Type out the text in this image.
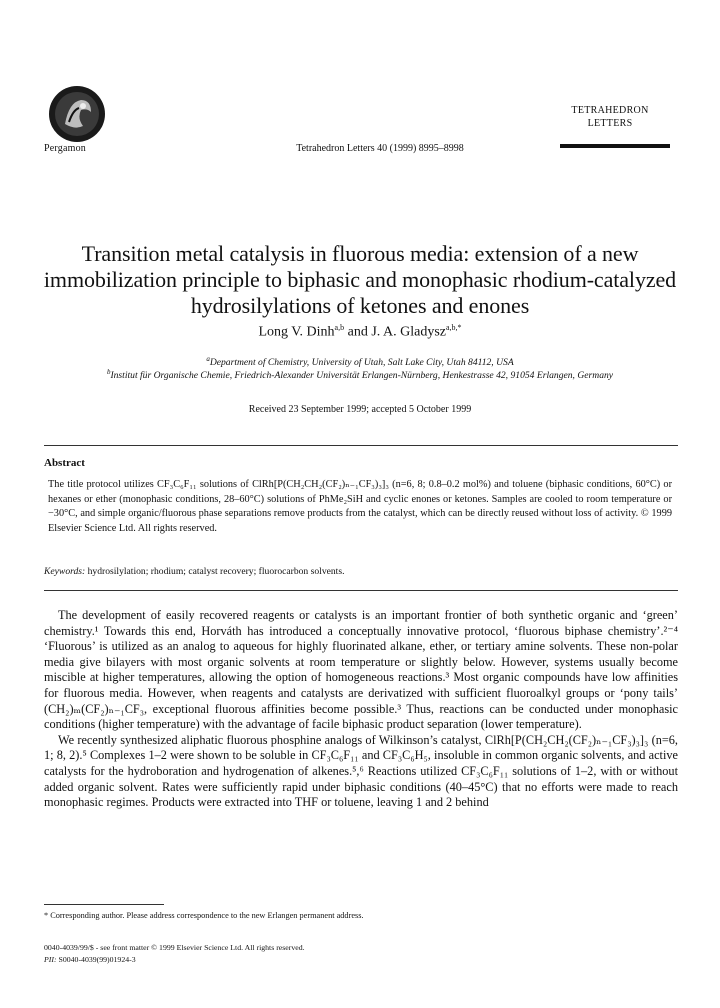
Pergamon	Tetrahedron Letters 40 (1999) 8995–8998
TETRAHEDRON
LETTERS
Transition metal catalysis in fluorous media: extension of a new immobilization principle to biphasic and monophasic rhodium-catalyzed hydrosilylations of ketones and enones
Long V. Dinh$^{a,b}$ and J. A. Gladysz$^{a,b,*}$
$^a$Department of Chemistry, University of Utah, Salt Lake City, Utah 84112, USA
$^b$Institut für Organische Chemie, Friedrich-Alexander Universität Erlangen-Nürnberg, Henkestrasse 42, 91054 Erlangen, Germany
Received 23 September 1999; accepted 5 October 1999
Abstract
The title protocol utilizes CF₃C₆F₁₁ solutions of ClRh[P(CH₂CH₂(CF₂)ₙ₋₁CF₃)₃]₃ (n=6, 8; 0.8–0.2 mol%) and toluene (biphasic conditions, 60°C) or hexanes or ether (monophasic conditions, 28–60°C) solutions of PhMe₂SiH and cyclic enones or ketones. Samples are cooled to room temperature or −30°C, and simple organic/fluorous phase separations remove products from the catalyst, which can be directly reused without loss of activity. © 1999 Elsevier Science Ltd. All rights reserved.
Keywords: hydrosilylation; rhodium; catalyst recovery; fluorocarbon solvents.

The development of easily recovered reagents or catalysts is an important frontier of both synthetic organic and ‘green’ chemistry.¹ Towards this end, Horváth has introduced a conceptually innovative protocol, ‘fluorous biphase chemistry’.²⁻⁴ ‘Fluorous’ is utilized as an analog to aqueous for highly fluorinated alkane, ether, or tertiary amine solvents. These non-polar media give bilayers with most organic solvents at room temperature or slightly below. However, systems usually become miscible at higher temperatures, allowing the option of homogeneous reactions.³ Most organic compounds have low affinities for fluorous media. However, when reagents and catalysts are derivatized with sufficient fluoroalkyl groups or ‘pony tails’ (CH₂)ₘ(CF₂)ₙ₋₁CF₃, exceptional fluorous affinities become possible.³ Thus, reactions can be conducted under monophasic conditions (higher temperature) with the advantage of facile biphasic product separation (lower temperature).

We recently synthesized aliphatic fluorous phosphine analogs of Wilkinson’s catalyst, ClRh[P(CH₂CH₂(CF₂)ₙ₋₁CF₃)₃]₃ (n=6, 1; 8, 2).⁵ Complexes 1–2 were shown to be soluble in CF₃C₆F₁₁ and CF₃C₆H₅, insoluble in common organic solvents, and active catalysts for the hydroboration and hydrogenation of alkenes.⁵,⁶ Reactions utilized CF₃C₆F₁₁ solutions of 1–2, with or without added organic solvent. Rates were sufficiently rapid under biphasic conditions (40–45°C) that no efforts were made to reach monophasic regimes. Products were extracted into THF or toluene, leaving 1 and 2 behind

* Corresponding author. Please address correspondence to the new Erlangen permanent address.
0040-4039/99/$ - see front matter © 1999 Elsevier Science Ltd. All rights reserved.
PII: S0040-4039(99)01924-3
